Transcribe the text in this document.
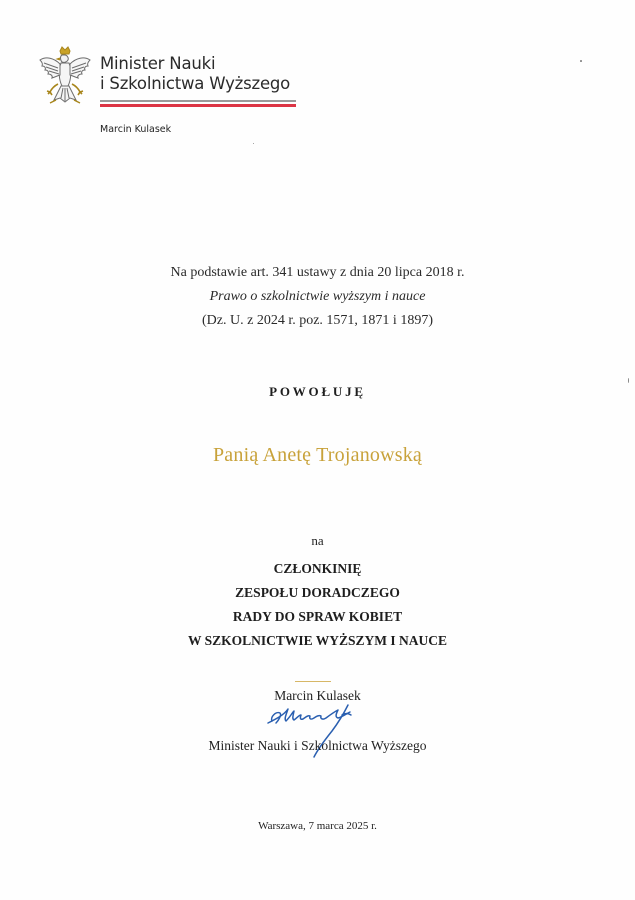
Minister Nauki
i Szkolnictwa Wyższego
Marcin Kulasek
Na podstawie art. 341 ustawy z dnia 20 lipca 2018 r.
Prawo o szkolnictwie wyższym i nauce
(Dz. U. z 2024 r. poz. 1571, 1871 i 1897)
POWOŁUJĘ
Panią Anetę Trojanowską
na
CZŁONKINIĘ
ZESPOŁU DORADCZEGO
RADY DO SPRAW KOBIET
W SZKOLNICTWIE WYŻSZYM I NAUCE
Marcin Kulasek
Minister Nauki i Szkolnictwa Wyższego
Warszawa, 7 marca 2025 r.
